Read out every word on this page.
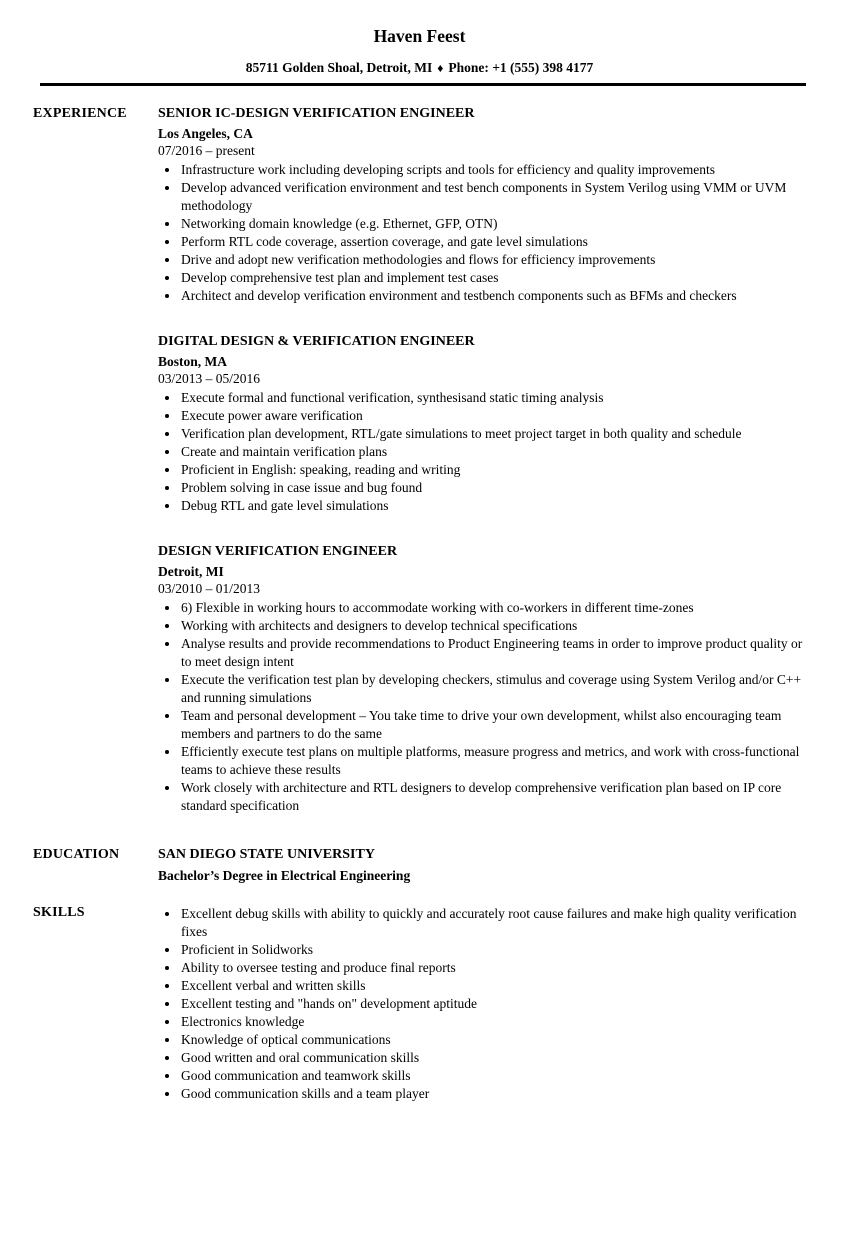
Haven Feest
85711 Golden Shoal, Detroit, MI ♦ Phone: +1 (555) 398 4177
EXPERIENCE	SENIOR IC-DESIGN VERIFICATION ENGINEER
Los Angeles, CA
07/2016 – present
• Infrastructure work including developing scripts and tools for efficiency and quality improvements
• Develop advanced verification environment and test bench components in System Verilog using VMM or UVM methodology
• Networking domain knowledge (e.g. Ethernet, GFP, OTN)
• Perform RTL code coverage, assertion coverage, and gate level simulations
• Drive and adopt new verification methodologies and flows for efficiency improvements
• Develop comprehensive test plan and implement test cases
• Architect and develop verification environment and testbench components such as BFMs and checkers
DIGITAL DESIGN & VERIFICATION ENGINEER
Boston, MA
03/2013 – 05/2016
• Execute formal and functional verification, synthesisand static timing analysis
• Execute power aware verification
• Verification plan development, RTL/gate simulations to meet project target in both quality and schedule
• Create and maintain verification plans
• Proficient in English: speaking, reading and writing
• Problem solving in case issue and bug found
• Debug RTL and gate level simulations
DESIGN VERIFICATION ENGINEER
Detroit, MI
03/2010 – 01/2013
• 6) Flexible in working hours to accommodate working with co-workers in different time-zones
• Working with architects and designers to develop technical specifications
• Analyse results and provide recommendations to Product Engineering teams in order to improve product quality or to meet design intent
• Execute the verification test plan by developing checkers, stimulus and coverage using System Verilog and/or C++ and running simulations
• Team and personal development – You take time to drive your own development, whilst also encouraging team members and partners to do the same
• Efficiently execute test plans on multiple platforms, measure progress and metrics, and work with cross-functional teams to achieve these results
• Work closely with architecture and RTL designers to develop comprehensive verification plan based on IP core standard specification
EDUCATION	SAN DIEGO STATE UNIVERSITY
Bachelor’s Degree in Electrical Engineering
SKILLS	• Excellent debug skills with ability to quickly and accurately root cause failures and make high quality verification fixes
• Proficient in Solidworks
• Ability to oversee testing and produce final reports
• Excellent verbal and written skills
• Excellent testing and "hands on" development aptitude
• Electronics knowledge
• Knowledge of optical communications
• Good written and oral communication skills
• Good communication and teamwork skills
• Good communication skills and a team player
